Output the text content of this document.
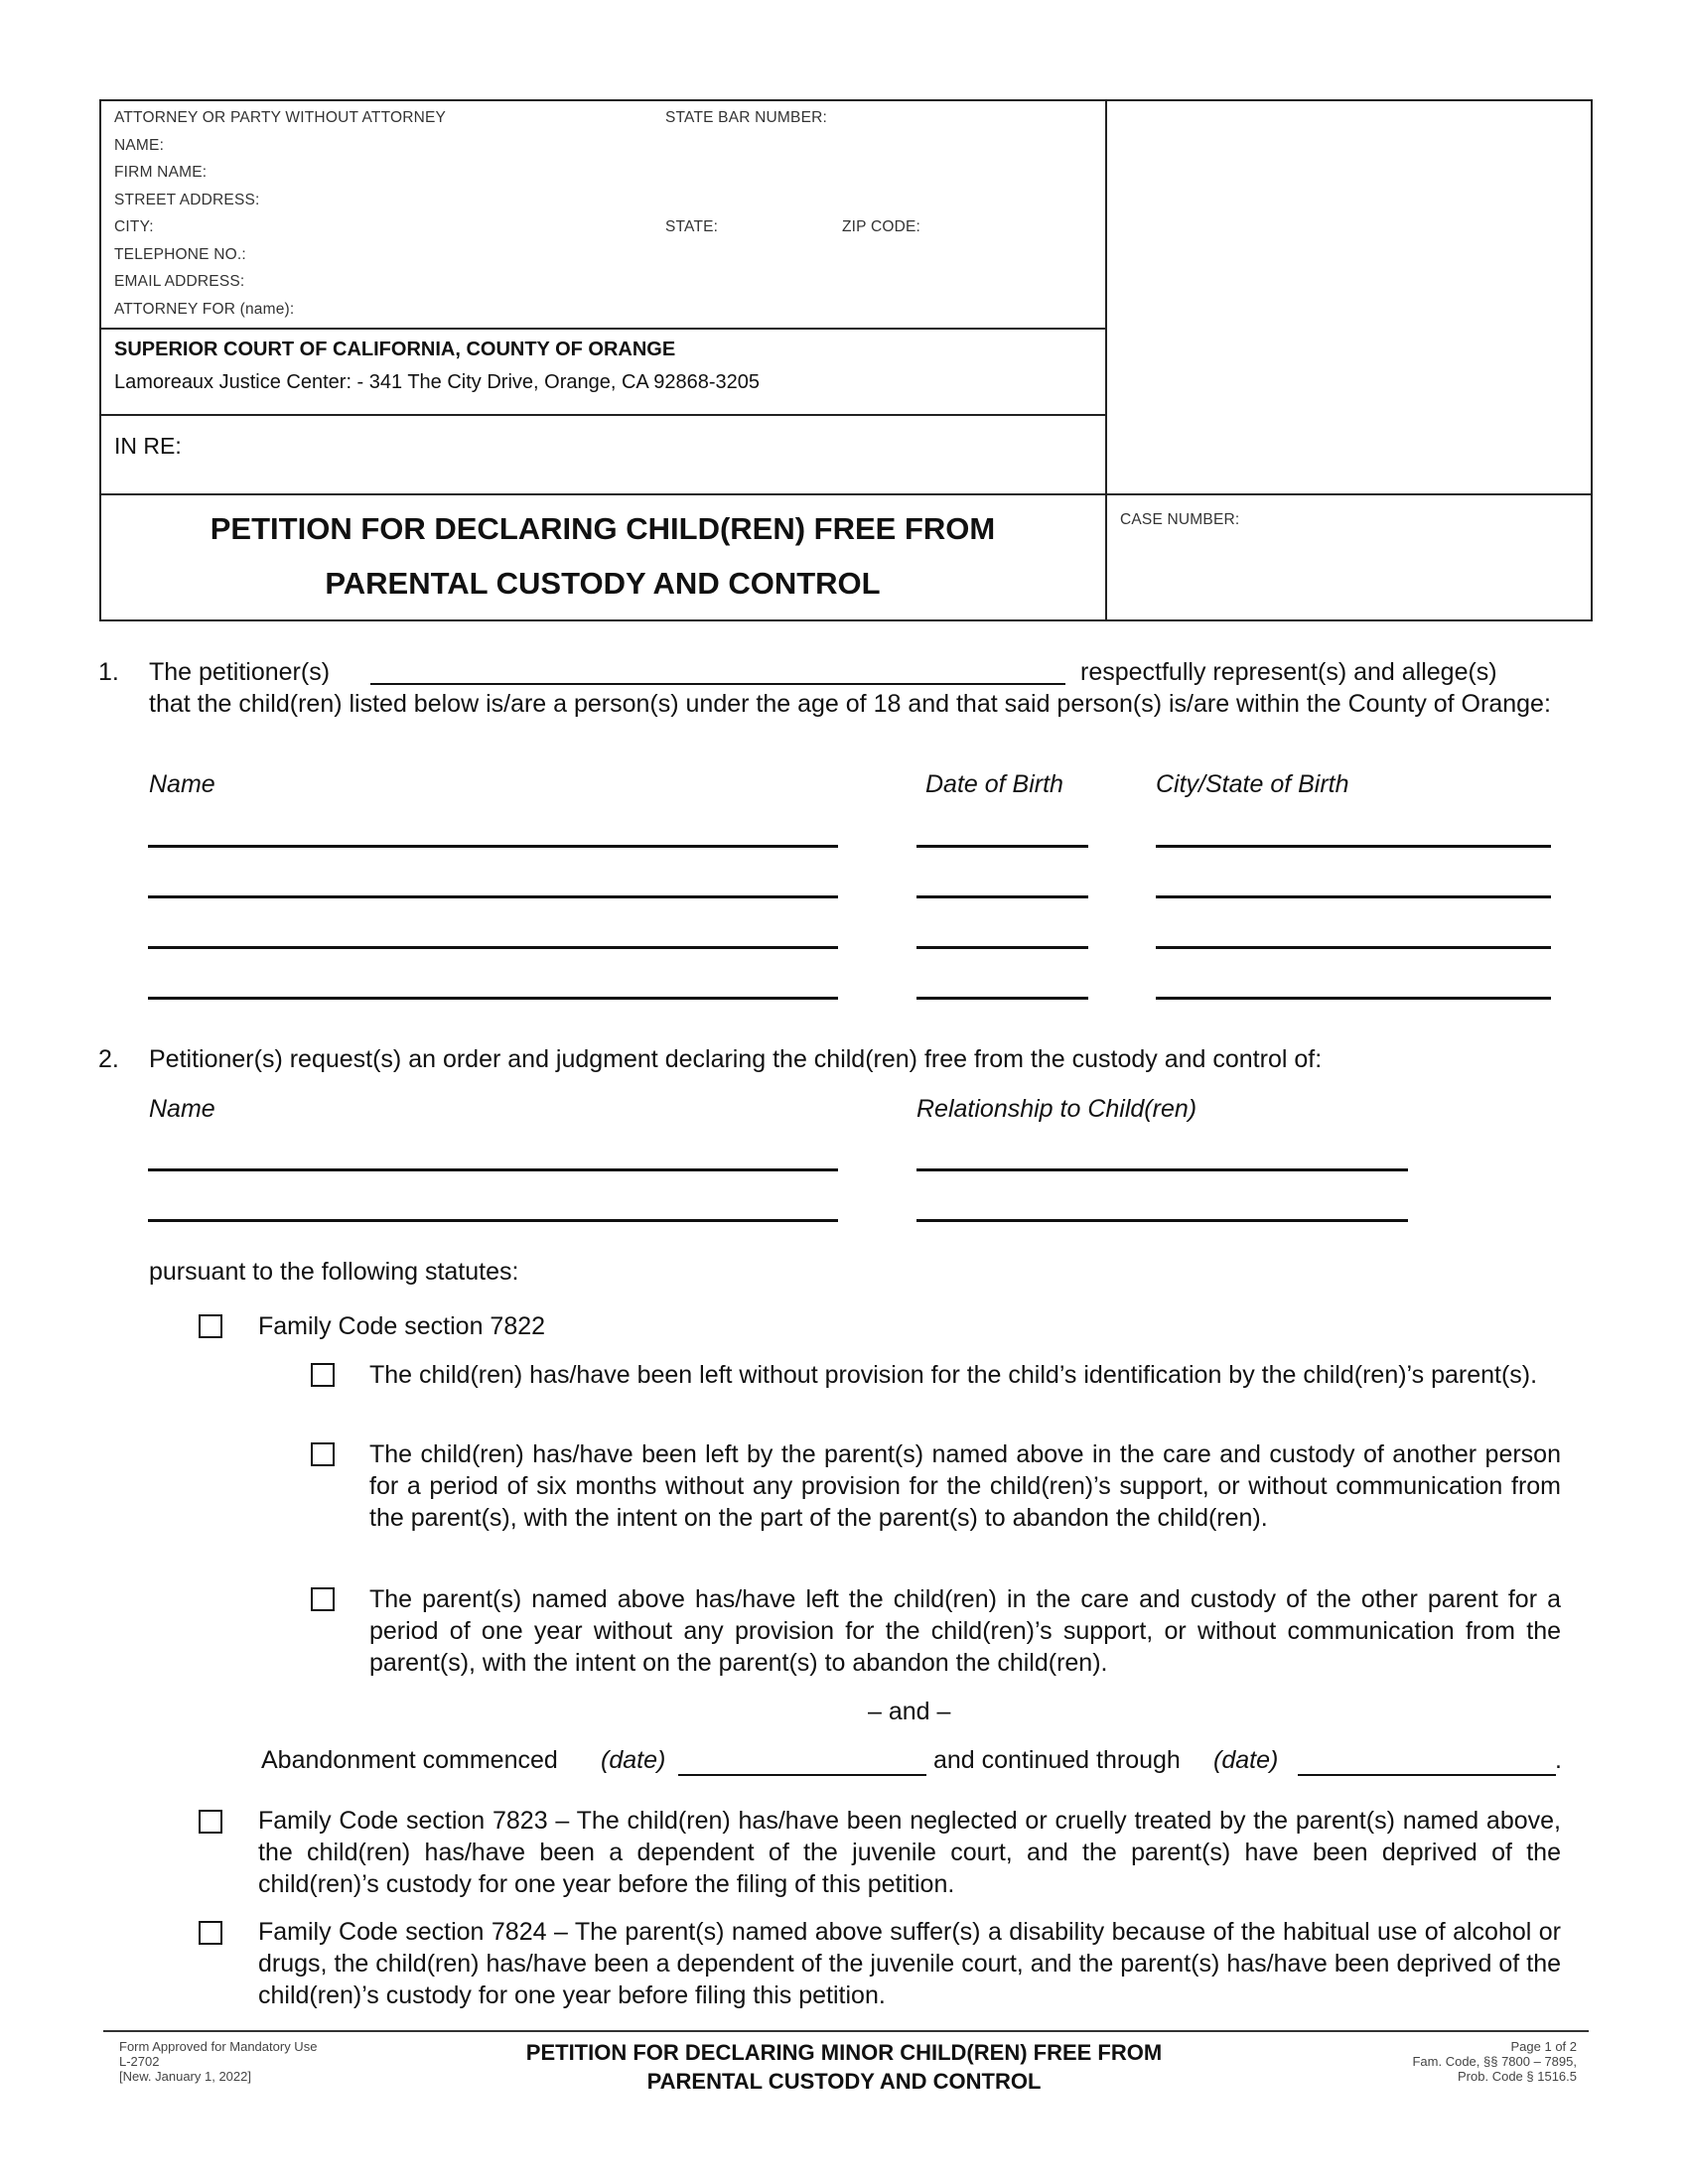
ATTORNEY OR PARTY WITHOUT ATTORNEY	STATE BAR NUMBER:
NAME:
FIRM NAME:
STREET ADDRESS:
CITY:	STATE:	ZIP CODE:
TELEPHONE NO.:
EMAIL ADDRESS:
ATTORNEY FOR (name):
SUPERIOR COURT OF CALIFORNIA, COUNTY OF ORANGE
Lamoreaux Justice Center: - 341 The City Drive, Orange, CA 92868-3205
IN RE:
CASE NUMBER:
PETITION FOR DECLARING CHILD(REN) FREE FROM
PARENTAL CUSTODY AND CONTROL
1. The petitioner(s)	respectfully represent(s) and allege(s)
that the child(ren) listed below is/are a person(s) under the age of 18 and that said person(s) is/are within the County of Orange:
Name	Date of Birth	City/State of Birth
2. Petitioner(s) request(s) an order and judgment declaring the child(ren) free from the custody and control of:
Name	Relationship to Child(ren)
pursuant to the following statutes:
Family Code section 7822
The child(ren) has/have been left without provision for the child’s identification by the child(ren)’s parent(s).
The child(ren) has/have been left by the parent(s) named above in the care and custody of another person for a period of six months without any provision for the child(ren)’s support, or without communication from the parent(s), with the intent on the part of the parent(s) to abandon the child(ren).
The parent(s) named above has/have left the child(ren) in the care and custody of the other parent for a period of one year without any provision for the child(ren)’s support, or without communication from the parent(s), with the intent on the parent(s) to abandon the child(ren).
– and –
Abandonment commenced (date)	and continued through (date)	.
Family Code section 7823 – The child(ren) has/have been neglected or cruelly treated by the parent(s) named above, the child(ren) has/have been a dependent of the juvenile court, and the parent(s) have been deprived of the child(ren)’s custody for one year before the filing of this petition.
Family Code section 7824 – The parent(s) named above suffer(s) a disability because of the habitual use of alcohol or drugs, the child(ren) has/have been a dependent of the juvenile court, and the parent(s) has/have been deprived of the child(ren)’s custody for one year before filing this petition.
Form Approved for Mandatory Use
L-2702
[New. January 1, 2022]
PETITION FOR DECLARING MINOR CHILD(REN) FREE FROM
PARENTAL CUSTODY AND CONTROL
Page 1 of 2
Fam. Code, §§ 7800 – 7895,
Prob. Code § 1516.5
